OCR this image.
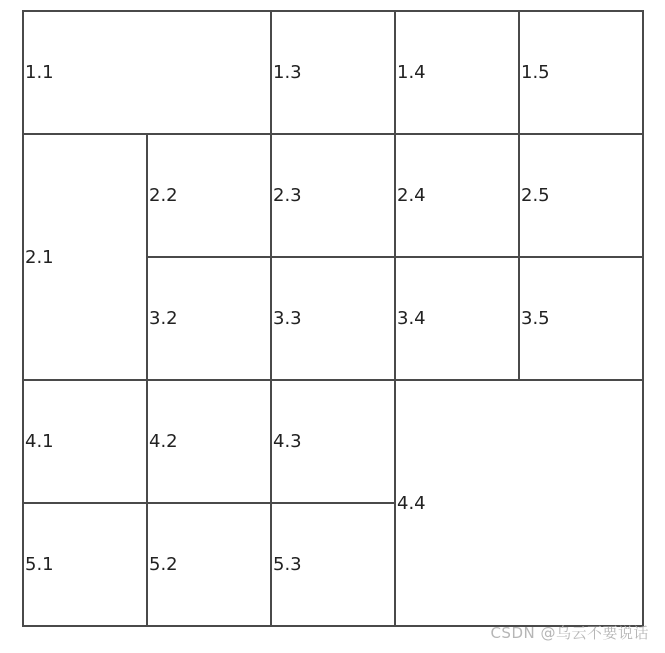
1.1		1.3	1.4	1.5
2.1	2.2	2.3	2.4	2.5
	3.2	3.3	3.4	3.5
4.1	4.2	4.3	4.4	
5.1	5.2	5.3		
CSDN @乌云不要说话
